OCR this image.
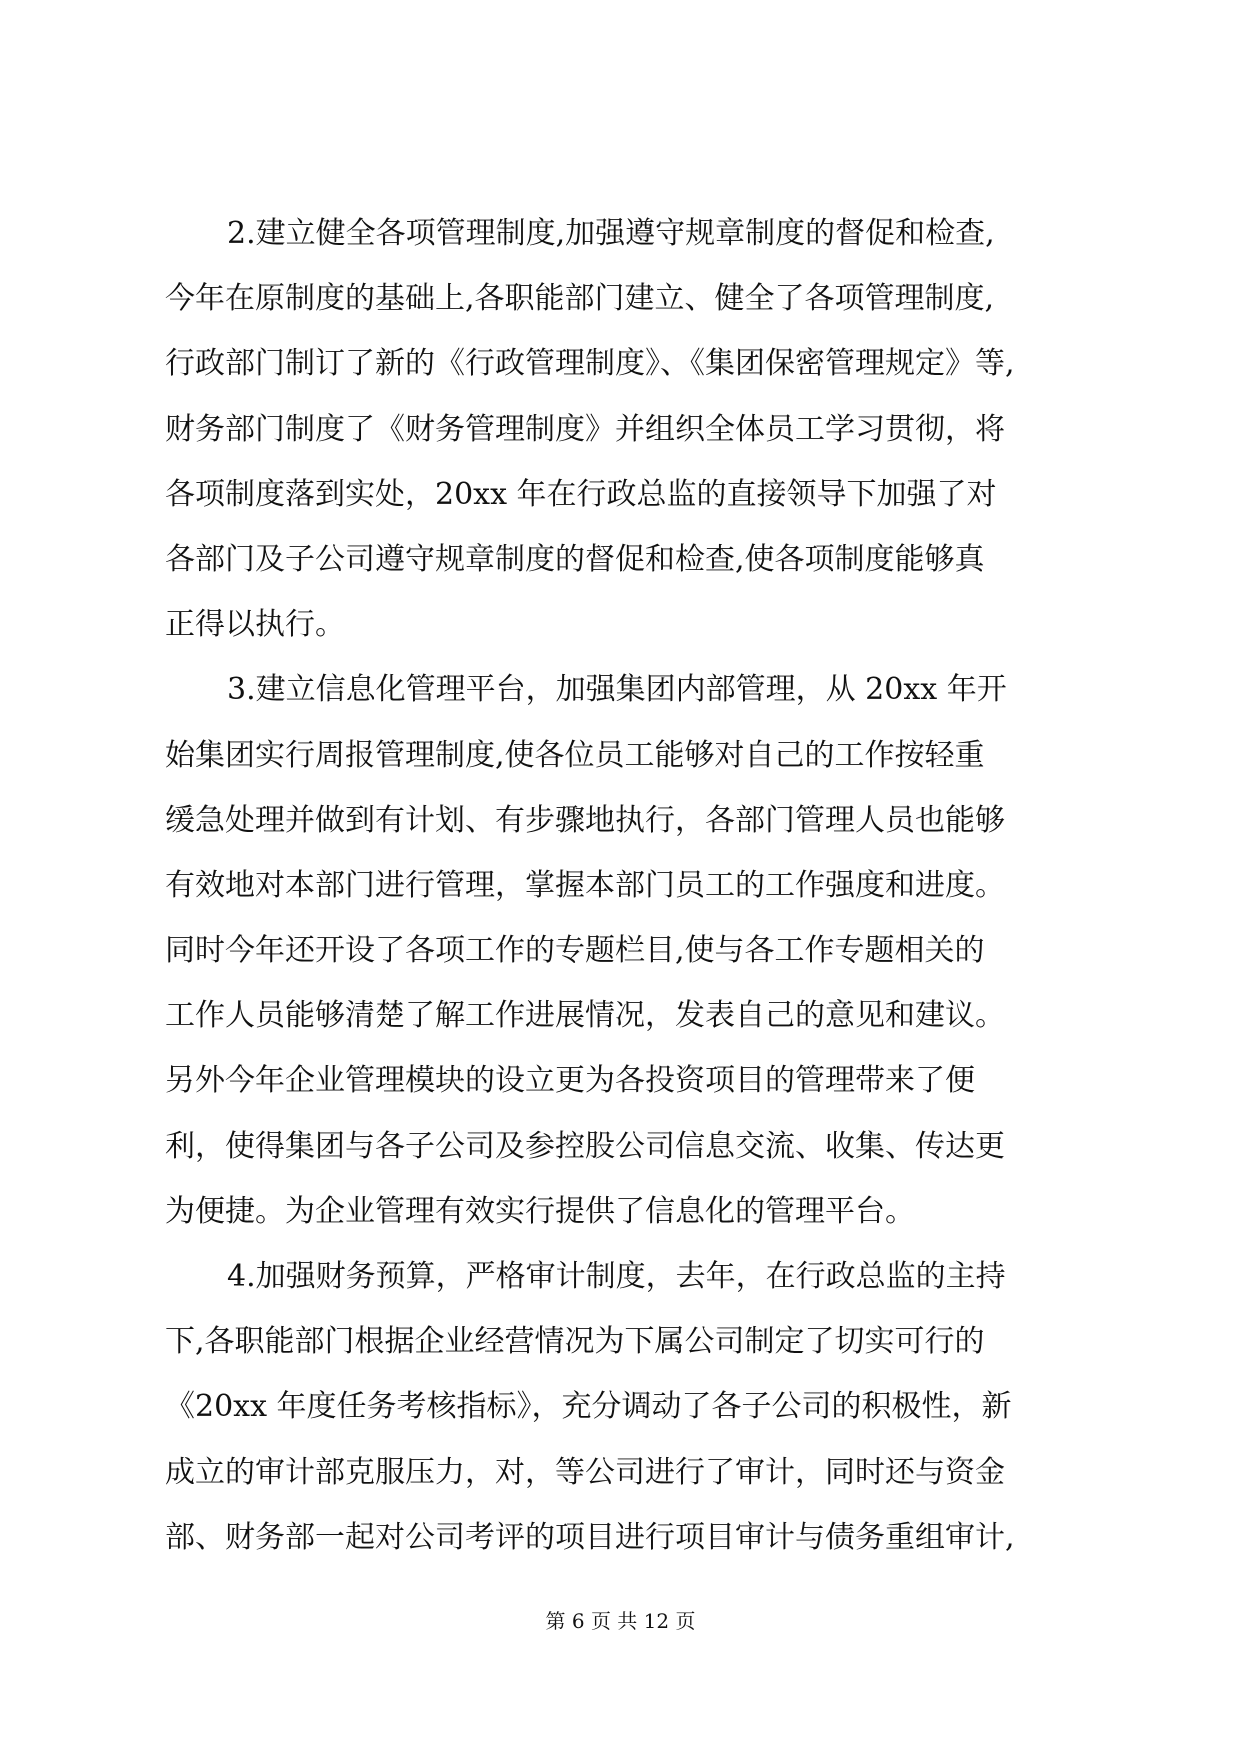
2.建立健全各项管理制度,加强遵守规章制度的督促和检查,
今年在原制度的基础上,各职能部门建立、健全了各项管理制度,
行政部门制订了新的《行政管理制度》、《集团保密管理规定》等,
财务部门制度了《财务管理制度》并组织全体员工学习贯彻，将
各项制度落到实处，20xx 年在行政总监的直接领导下加强了对
各部门及子公司遵守规章制度的督促和检查,使各项制度能够真
正得以执行。
3.建立信息化管理平台，加强集团内部管理，从 20xx 年开
始集团实行周报管理制度,使各位员工能够对自己的工作按轻重
缓急处理并做到有计划、有步骤地执行，各部门管理人员也能够
有效地对本部门进行管理，掌握本部门员工的工作强度和进度。
同时今年还开设了各项工作的专题栏目,使与各工作专题相关的
工作人员能够清楚了解工作进展情况，发表自己的意见和建议。
另外今年企业管理模块的设立更为各投资项目的管理带来了便
利，使得集团与各子公司及参控股公司信息交流、收集、传达更
为便捷。为企业管理有效实行提供了信息化的管理平台。
4.加强财务预算，严格审计制度，去年，在行政总监的主持
下,各职能部门根据企业经营情况为下属公司制定了切实可行的
《20xx 年度任务考核指标》，充分调动了各子公司的积极性，新
成立的审计部克服压力，对，等公司进行了审计，同时还与资金
部、财务部一起对公司考评的项目进行项目审计与债务重组审计,
第 6 页 共 12 页
